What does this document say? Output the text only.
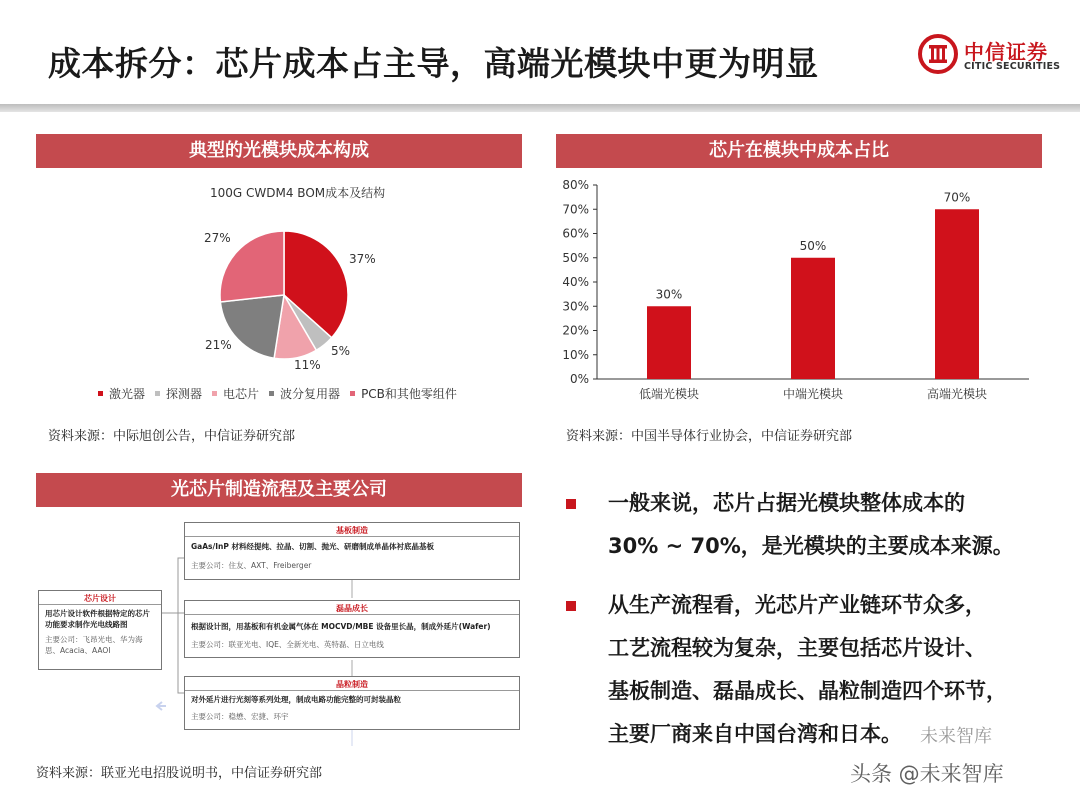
成本拆分：芯片成本占主导，高端光模块中更为明显	中信证券
CITIC SECURITIES
典型的光模块成本构成
100G CWDM4 BOM成本及结构
37%
5%
11%
21%
27%
激光器 探测器 电芯片 波分复用器 PCB和其他零组件
资料来源：中际旭创公告，中信证券研究部
芯片在模块中成本占比
0%
10%
20%
30%
40%
50%
60%
70%
80%
30%
低端光模块
50%
中端光模块
70%
高端光模块
资料来源：中国半导体行业协会，中信证券研究部
光芯片制造流程及主要公司
基板制造
GaAs/InP 材料经提纯、拉晶、切割、抛光、研磨制成单晶体衬底晶基板
主要公司：住友、AXT、Freiberger
芯片设计
用芯片设计软件根据特定的芯片功能要求制作光电线路图
主要公司：飞昂光电、华为海思、Acacia、AAOI
磊晶成长
根据设计图，用基板和有机金属气体在 MOCVD/MBE 设备里长晶，制成外延片(Wafer)
主要公司：联亚光电、IQE、全新光电、英特磊、日立电线
晶粒制造
对外延片进行光刻等系列处理，制成电路功能完整的可封装晶粒
主要公司：稳懋、宏捷、环宇
资料来源：联亚光电招股说明书，中信证券研究部
一般来说，芯片占据光模块整体成本的
30% ~ 70%，是光模块的主要成本来源。
从生产流程看，光芯片产业链环节众多，
工艺流程较为复杂，主要包括芯片设计、
基板制造、磊晶成长、晶粒制造四个环节，
主要厂商来自中国台湾和日本。	未来智库
头条 @未来智库
